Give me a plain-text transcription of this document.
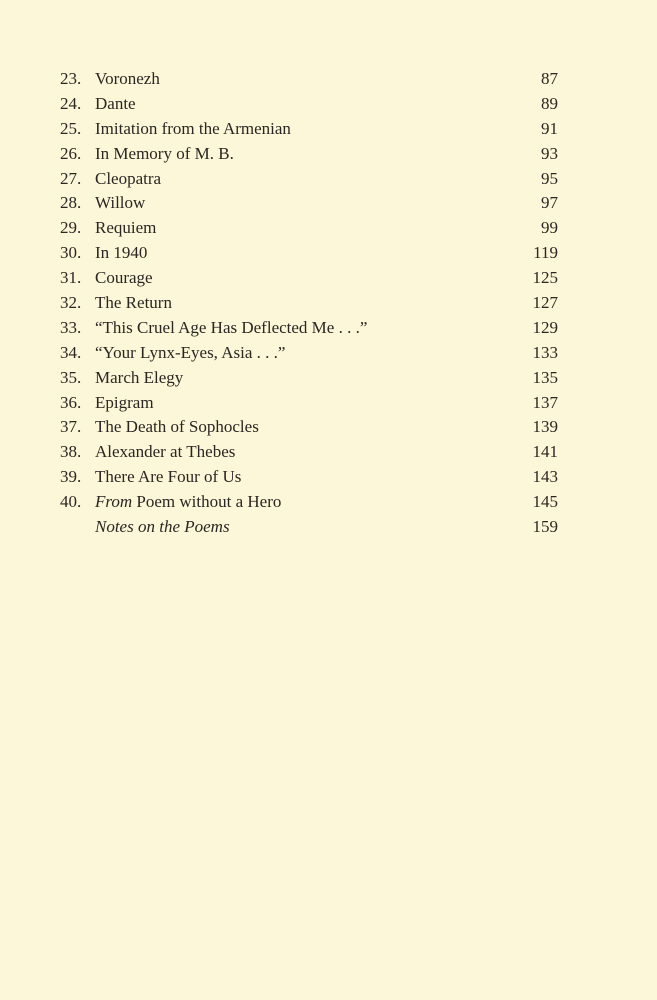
23. Voronezh	87
24. Dante	89
25. Imitation from the Armenian	91
26. In Memory of M. B.	93
27. Cleopatra	95
28. Willow	97
29. Requiem	99
30. In 1940	119
31. Courage	125
32. The Return	127
33. “This Cruel Age Has Deflected Me . . .”	129
34. “Your Lynx-Eyes, Asia . . .”	133
35. March Elegy	135
36. Epigram	137
37. The Death of Sophocles	139
38. Alexander at Thebes	141
39. There Are Four of Us	143
40. From Poem without a Hero	145
Notes on the Poems	159
